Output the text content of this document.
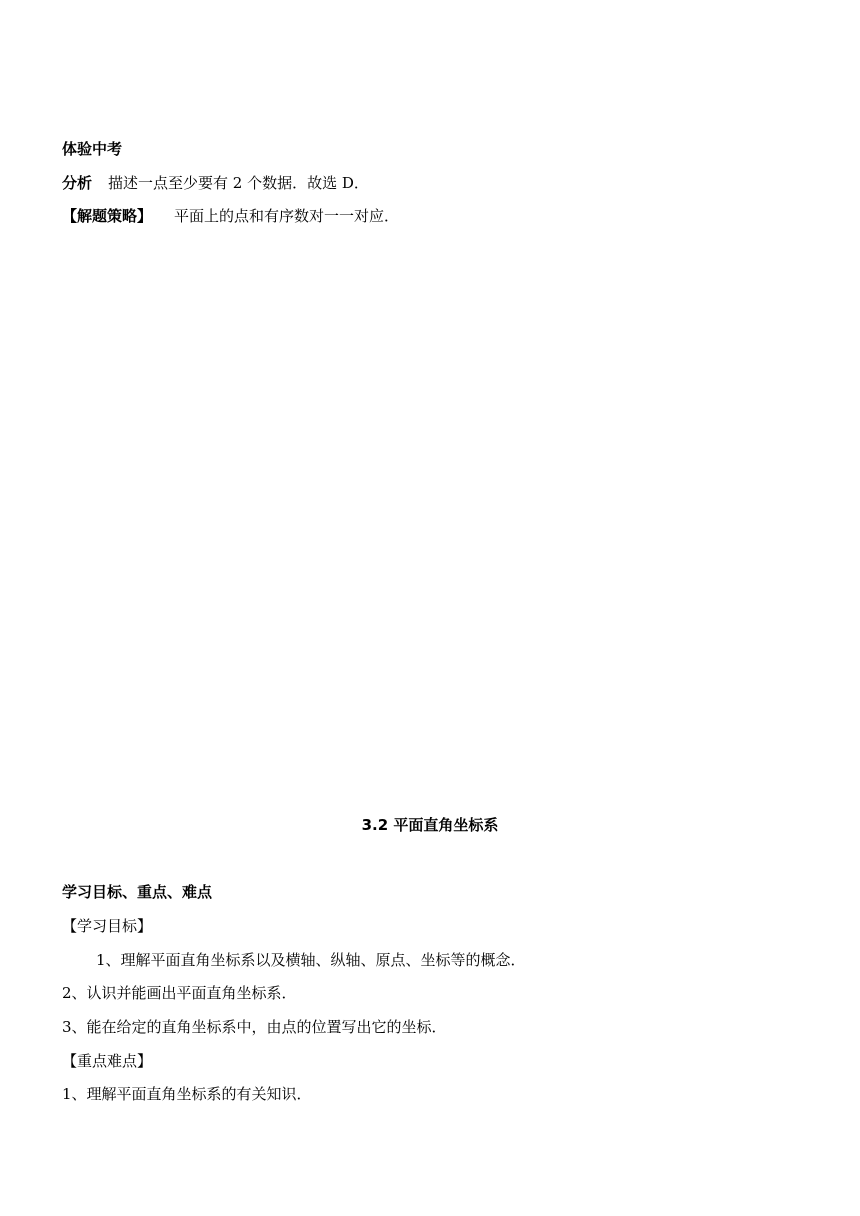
体验中考
分析 描述一点至少要有 2 个数据．故选 D．
【解题策略】 平面上的点和有序数对一一对应．
3.2 平面直角坐标系
学习目标、重点、难点
【学习目标】
1、理解平面直角坐标系以及横轴、纵轴、原点、坐标等的概念．
2、认识并能画出平面直角坐标系．
3、能在给定的直角坐标系中，由点的位置写出它的坐标．
【重点难点】
1、理解平面直角坐标系的有关知识．
